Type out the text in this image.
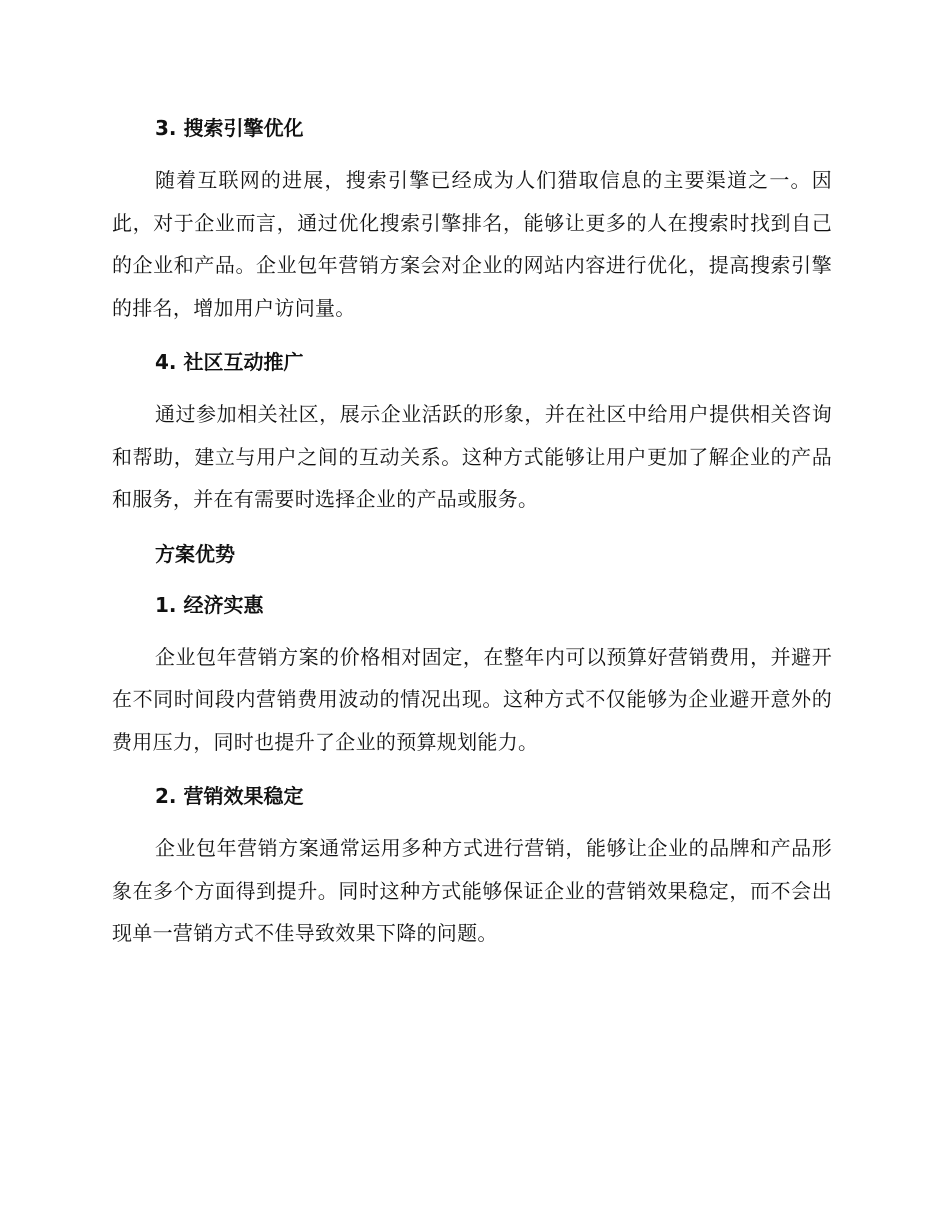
3. 搜索引擎优化

随着互联网的进展，搜索引擎已经成为人们猎取信息的主要渠道之一。因此，对于企业而言，通过优化搜索引擎排名，能够让更多的人在搜索时找到自己的企业和产品。企业包年营销方案会对企业的网站内容进行优化，提高搜索引擎的排名，增加用户访问量。

4. 社区互动推广

通过参加相关社区，展示企业活跃的形象，并在社区中给用户提供相关咨询和帮助，建立与用户之间的互动关系。这种方式能够让用户更加了解企业的产品和服务，并在有需要时选择企业的产品或服务。

方案优势
1. 经济实惠

企业包年营销方案的价格相对固定，在整年内可以预算好营销费用，并避开在不同时间段内营销费用波动的情况出现。这种方式不仅能够为企业避开意外的费用压力，同时也提升了企业的预算规划能力。

2. 营销效果稳定

企业包年营销方案通常运用多种方式进行营销，能够让企业的品牌和产品形象在多个方面得到提升。同时这种方式能够保证企业的营销效果稳定，而不会出现单一营销方式不佳导致效果下降的问题。
